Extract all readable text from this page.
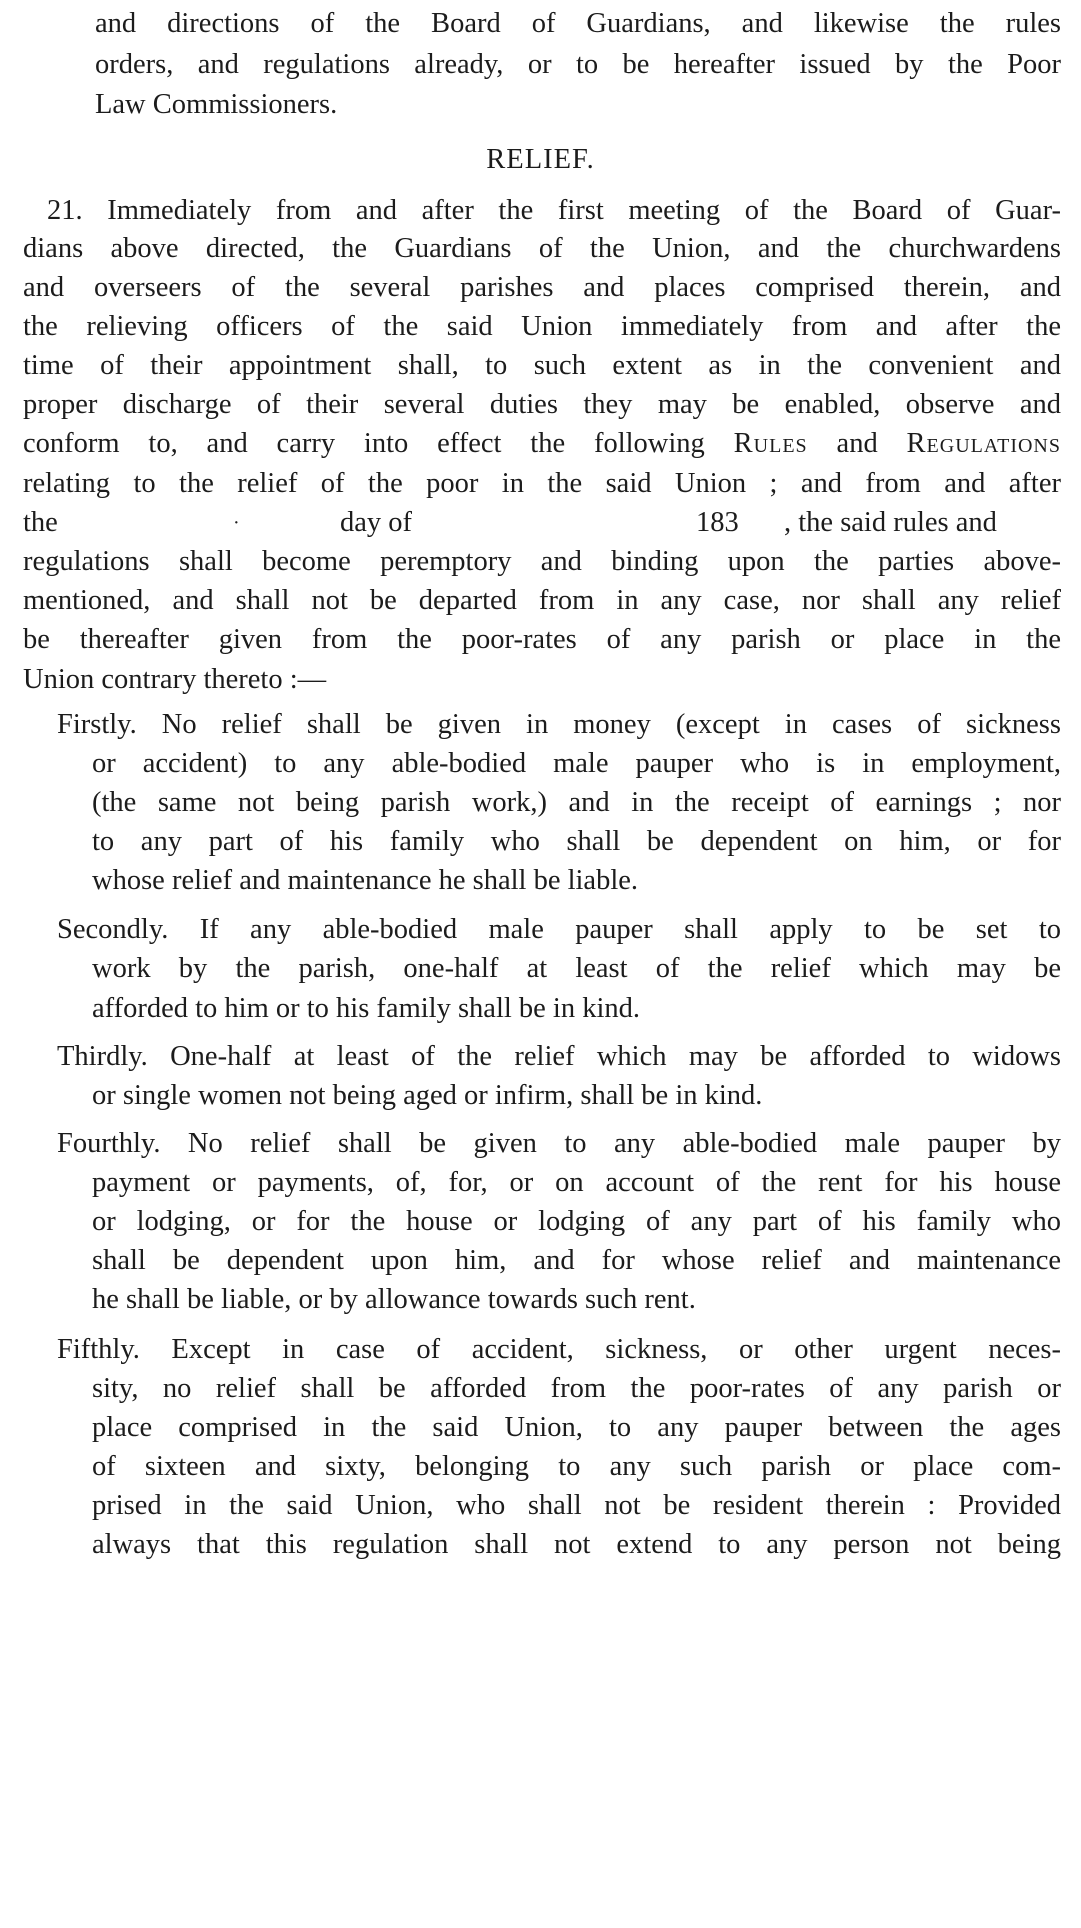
and directions of the Board of Guardians, and likewise the rules
orders, and regulations already, or to be hereafter issued by the Poor
Law Commissioners.
RELIEF.
21. Immediately from and after the first meeting of the Board of Guar-
dians above directed, the Guardians of the Union, and the churchwardens
and overseers of the several parishes and places comprised therein, and
the relieving officers of the said Union immediately from and after the
time of their appointment shall, to such extent as in the convenient and
proper discharge of their several duties they may be enabled, observe and
conform to, and carry into effect the following Rules and Regulations
relating to the relief of the poor in the said Union ; and from and after
the	·	day of	183 , the said rules and
regulations shall become peremptory and binding upon the parties above-
mentioned, and shall not be departed from in any case, nor shall any relief
be thereafter given from the poor-rates of any parish or place in the
Union contrary thereto :—
Firstly. No relief shall be given in money (except in cases of sickness
or accident) to any able-bodied male pauper who is in employment,
(the same not being parish work,) and in the receipt of earnings ; nor
to any part of his family who shall be dependent on him, or for
whose relief and maintenance he shall be liable.
Secondly. If any able-bodied male pauper shall apply to be set to
work by the parish, one-half at least of the relief which may be
afforded to him or to his family shall be in kind.
Thirdly. One-half at least of the relief which may be afforded to widows
or single women not being aged or infirm, shall be in kind.
Fourthly. No relief shall be given to any able-bodied male pauper by
payment or payments, of, for, or on account of the rent for his house
or lodging, or for the house or lodging of any part of his family who
shall be dependent upon him, and for whose relief and maintenance
he shall be liable, or by allowance towards such rent.
Fifthly. Except in case of accident, sickness, or other urgent neces-
sity, no relief shall be afforded from the poor-rates of any parish or
place comprised in the said Union, to any pauper between the ages
of sixteen and sixty, belonging to any such parish or place com-
prised in the said Union, who shall not be resident therein : Provided
always that this regulation shall not extend to any person not being
